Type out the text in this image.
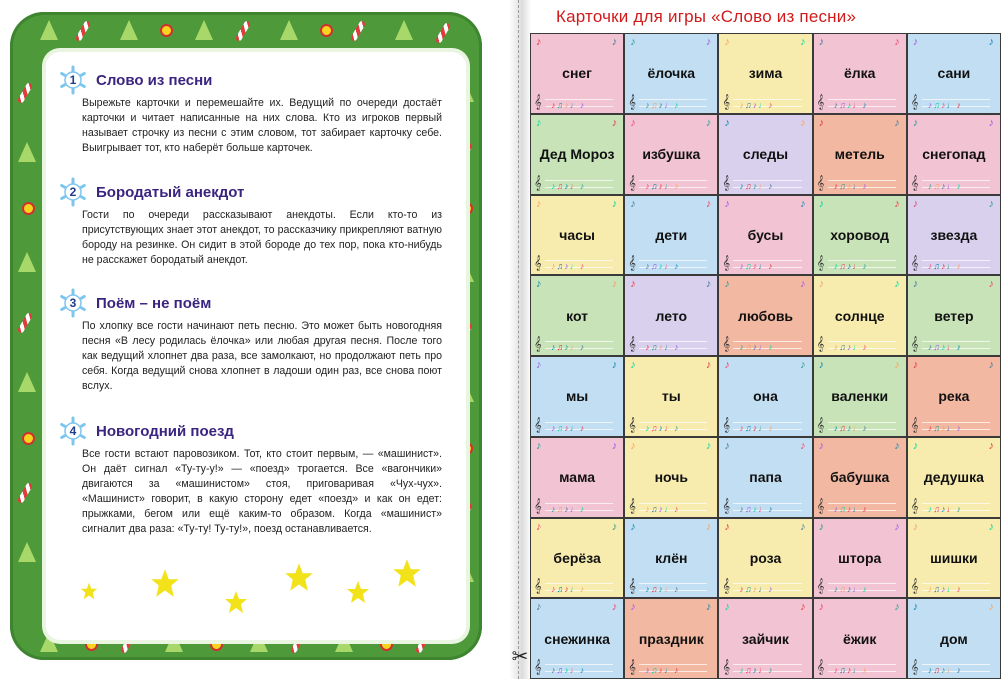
1	Слово из песни
Вырежьте карточки и перемешайте их. Ведущий по очереди достаёт карточки и читает написанные на них слова. Кто из игроков первый называет строчку из песни с этим словом, тот забирает карточку себе. Выигрывает тот, кто наберёт больше карточек.
2	Бородатый анекдот
Гости по очереди рассказывают анекдоты. Если кто-то из присутствующих знает этот анекдот, то рассказчику прикрепляют ватную бороду на резинке. Он сидит в этой бороде до тех пор, пока кто-нибудь не расскажет бородатый анекдот.
3	Поём – не поём
По хлопку все гости начинают петь песню. Это может быть новогодняя песня «В лесу родилась ёлочка» или любая другая песня. После того как ведущий хлопнет два раза, все замолкают, но продолжают петь про себя. Когда ведущий снова хлопнет в ладоши один раз, все снова поют вслух.
4	Новогодний поезд
Все гости встают паровозиком. Тот, кто стоит первым, — «машинист». Он даёт сигнал «Ту-ту-у!» — «поезд» трогается. Все «вагончики» двигаются за «машинистом» стоя, приговаривая «Чух-чух». «Машинист» говорит, в какую сторону едет «поезд» и как он едет: прыжками, бегом или ещё каким-то образом. Когда «машинист» сигналит два раза: «Ту-ту! Ту-ту!», поезд останавливается.
✂
Карточки для игры «Слово из песни»
♪	♪
𝄞 ♪♫♪♩♪
снег
♪	♪
𝄞 ♪♫♪♩♪
ёлочка
♪	♪
𝄞 ♪♫♪♩♪
зима
♪	♪
𝄞 ♪♫♪♩♪
ёлка
♪	♪
𝄞 ♪♫♪♩♪
сани
♪	♪
𝄞 ♪♫♪♩♪
Дед Мороз
♪	♪
𝄞 ♪♫♪♩♪
избушка
♪	♪
𝄞 ♪♫♪♩♪
следы
♪	♪
𝄞 ♪♫♪♩♪
метель
♪	♪
𝄞 ♪♫♪♩♪
снегопад
♪	♪
𝄞 ♪♫♪♩♪
часы
♪	♪
𝄞 ♪♫♪♩♪
дети
♪	♪
𝄞 ♪♫♪♩♪
бусы
♪	♪
𝄞 ♪♫♪♩♪
хоровод
♪	♪
𝄞 ♪♫♪♩♪
звезда
♪	♪
𝄞 ♪♫♪♩♪
кот
♪	♪
𝄞 ♪♫♪♩♪
лето
♪	♪
𝄞 ♪♫♪♩♪
любовь
♪	♪
𝄞 ♪♫♪♩♪
солнце
♪	♪
𝄞 ♪♫♪♩♪
ветер
♪	♪
𝄞 ♪♫♪♩♪
мы
♪	♪
𝄞 ♪♫♪♩♪
ты
♪	♪
𝄞 ♪♫♪♩♪
она
♪	♪
𝄞 ♪♫♪♩♪
валенки
♪	♪
𝄞 ♪♫♪♩♪
река
♪	♪
𝄞 ♪♫♪♩♪
мама
♪	♪
𝄞 ♪♫♪♩♪
ночь
♪	♪
𝄞 ♪♫♪♩♪
папа
♪	♪
𝄞 ♪♫♪♩♪
бабушка
♪	♪
𝄞 ♪♫♪♩♪
дедушка
♪	♪
𝄞 ♪♫♪♩♪
берёза
♪	♪
𝄞 ♪♫♪♩♪
клён
♪	♪
𝄞 ♪♫♪♩♪
роза
♪	♪
𝄞 ♪♫♪♩♪
штора
♪	♪
𝄞 ♪♫♪♩♪
шишки
♪	♪
𝄞 ♪♫♪♩♪
снежинка
♪	♪
𝄞 ♪♫♪♩♪
праздник
♪	♪
𝄞 ♪♫♪♩♪
зайчик
♪	♪
𝄞 ♪♫♪♩♪
ёжик
♪	♪
𝄞 ♪♫♪♩♪
дом
